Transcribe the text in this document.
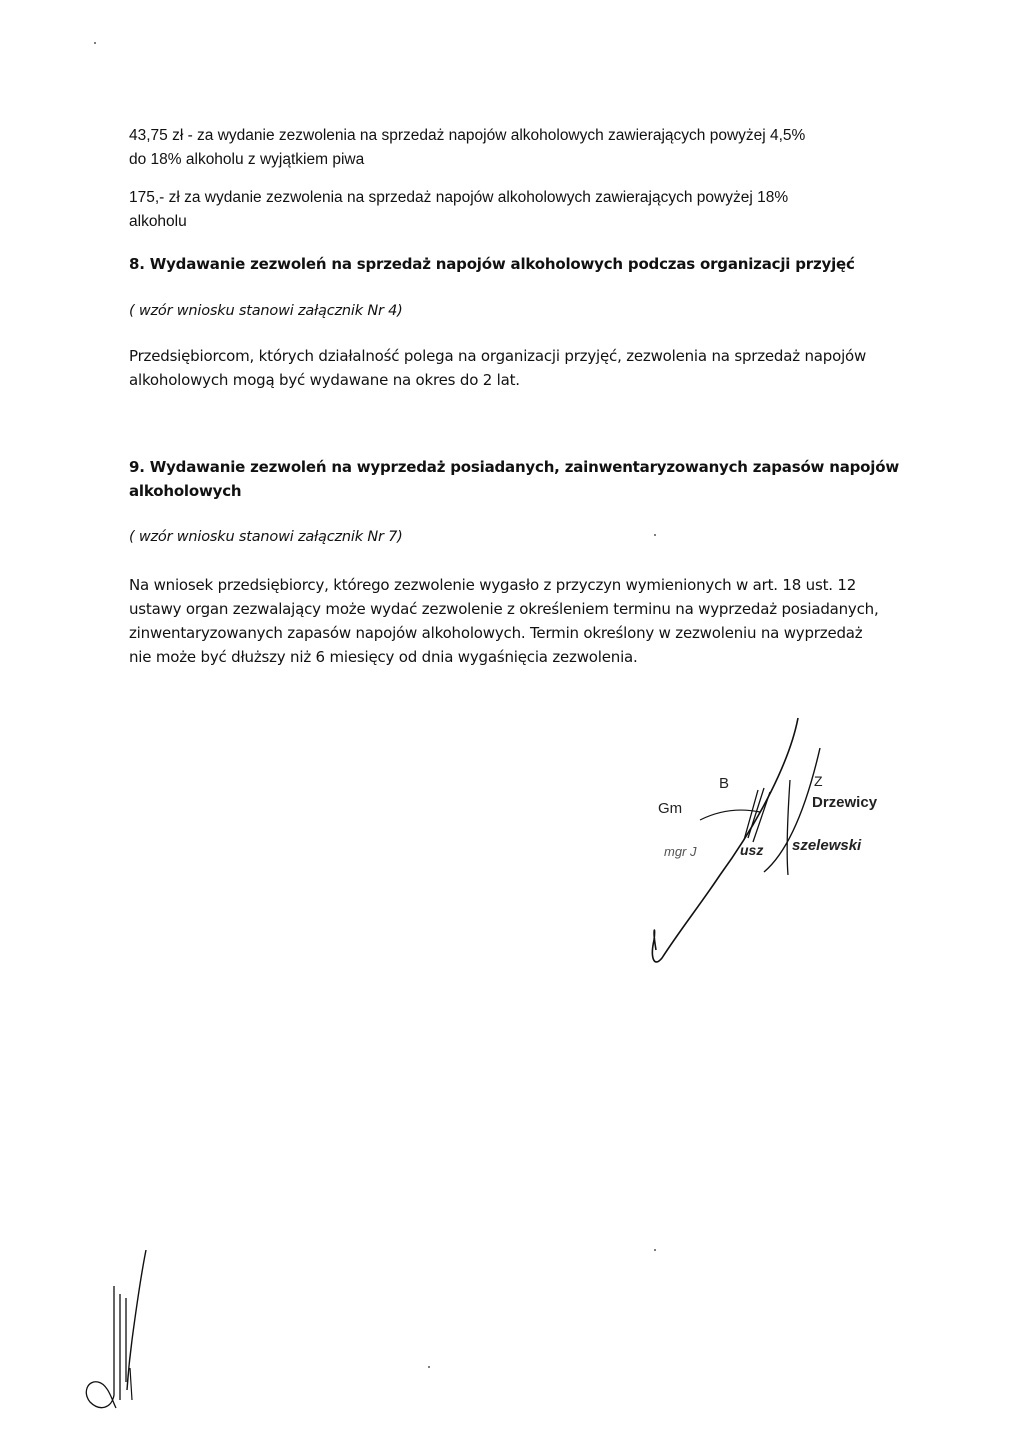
43,75 zł - za wydanie zezwolenia na sprzedaż napojów alkoholowych zawierających powyżej 4,5%

do 18% alkoholu z wyjątkiem piwa

175,- zł za wydanie zezwolenia na sprzedaż napojów alkoholowych zawierających powyżej 18%

alkoholu

8. Wydawanie zezwoleń na sprzedaż napojów alkoholowych podczas organizacji przyjęć

( wzór wniosku stanowi załącznik Nr 4)

Przedsiębiorcom, których działalność polega na organizacji przyjęć, zezwolenia na sprzedaż napojów

alkoholowych mogą być wydawane na okres do 2 lat.

9. Wydawanie zezwoleń na wyprzedaż posiadanych, zainwentaryzowanych zapasów napojów

alkoholowych

( wzór wniosku stanowi załącznik Nr 7)

Na wniosek przedsiębiorcy, którego zezwolenie wygasło z przyczyn wymienionych w art. 18 ust. 12

ustawy organ zezwalający może wydać zezwolenie z określeniem terminu na wyprzedaż posiadanych,

zinwentaryzowanych zapasów napojów alkoholowych. Termin określony w zezwoleniu na wyprzedaż

nie może być dłuższy niż 6 miesięcy od dnia wygaśnięcia zezwolenia.

B	Z
Gm	Drzewicy
mgr J	usz szelewski
